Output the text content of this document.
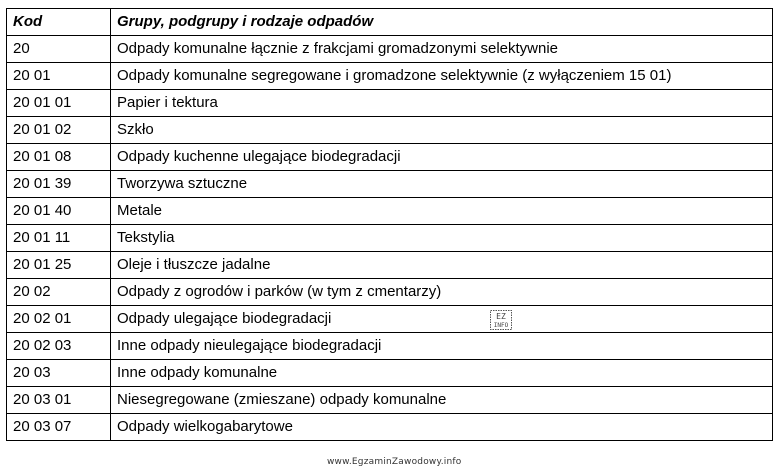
Kod	Grupy, podgrupy i rodzaje odpadów
20	Odpady komunalne łącznie z frakcjami gromadzonymi selektywnie
20 01	Odpady komunalne segregowane i gromadzone selektywnie (z wyłączeniem 15 01)
20 01 01	Papier i tektura
20 01 02	Szkło
20 01 08	Odpady kuchenne ulegające biodegradacji
20 01 39	Tworzywa sztuczne
20 01 40	Metale
20 01 11	Tekstylia
20 01 25	Oleje i tłuszcze jadalne
20 02	Odpady z ogrodów i parków (w tym z cmentarzy)
20 02 01	Odpady ulegające biodegradacji
20 02 03	Inne odpady nieulegające biodegradacji
20 03	Inne odpady komunalne
20 03 01	Niesegregowane (zmieszane) odpady komunalne
20 03 07	Odpady wielkogabarytowe
EZ
INFO
www.EgzaminZawodowy.info
